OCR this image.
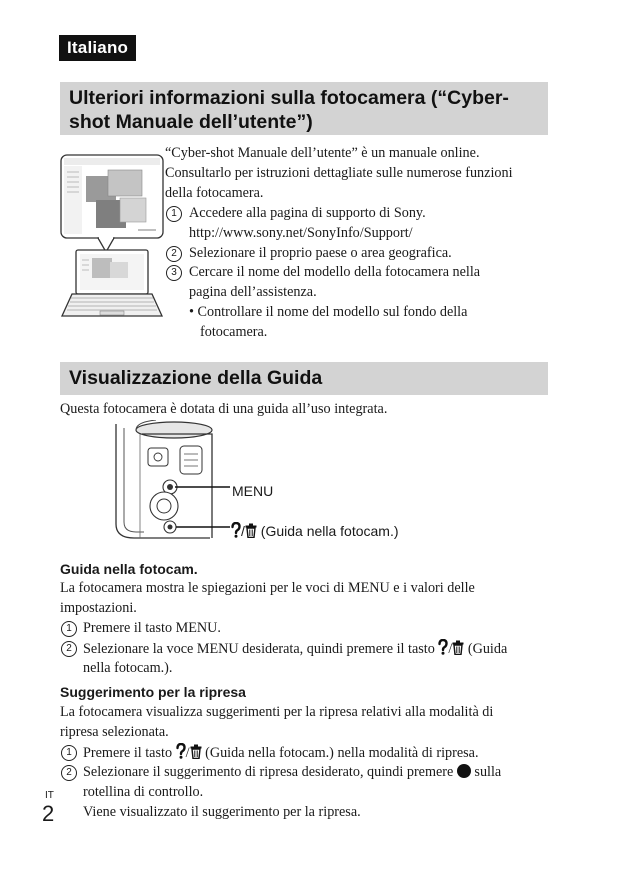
Italiano
Ulteriori informazioni sulla fotocamera (“Cyber-
shot Manuale dell’utente”)
“Cyber-shot Manuale dell’utente” è un manuale online.
Consultarlo per istruzioni dettagliate sulle numerose funzioni
della fotocamera.
1 Accedere alla pagina di supporto di Sony.
http://www.sony.net/SonyInfo/Support/
2 Selezionare il proprio paese o area geografica.
3 Cercare il nome del modello della fotocamera nella
pagina dell’assistenza.
• Controllare il nome del modello sul fondo della
fotocamera.
Visualizzazione della Guida
Questa fotocamera è dotata di una guida all’uso integrata.
MENU
/ (Guida nella fotocam.)
Guida nella fotocam.
La fotocamera mostra le spiegazioni per le voci di MENU e i valori delle
impostazioni.
1 Premere il tasto MENU.
2 Selezionare la voce MENU desiderata, quindi premere il tasto / (Guida
nella fotocam.).
Suggerimento per la ripresa
La fotocamera visualizza suggerimenti per la ripresa relativi alla modalità di
ripresa selezionata.
1 Premere il tasto / (Guida nella fotocam.) nella modalità di ripresa.
2 Selezionare il suggerimento di ripresa desiderato, quindi premere sulla
rotellina di controllo.
Viene visualizzato il suggerimento per la ripresa.
IT
2
